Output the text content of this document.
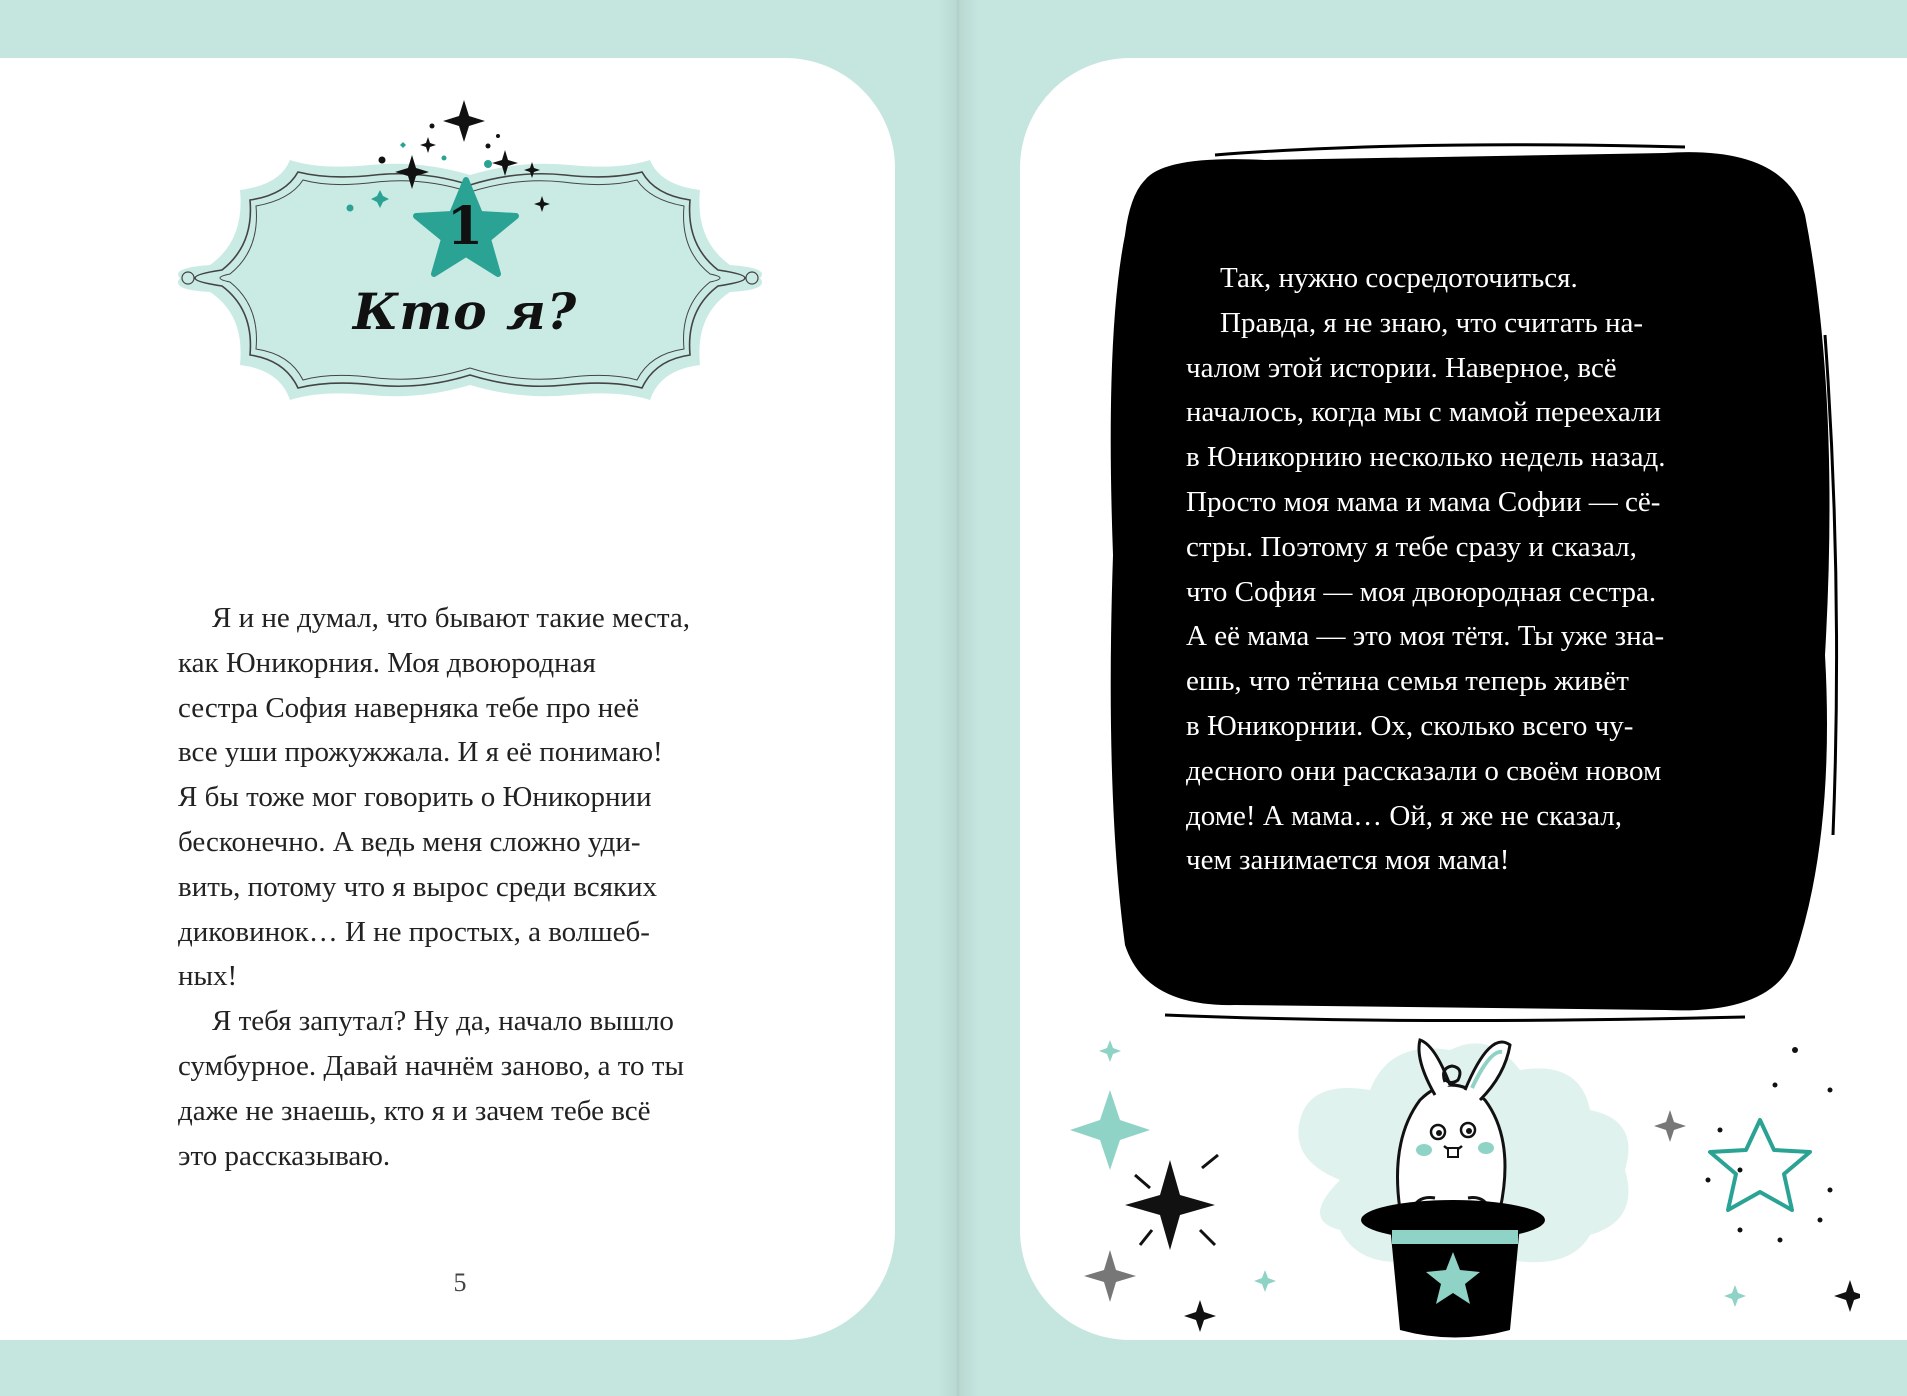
1
Кто я?
Я и не думал, что бывают такие места,
как Юникорния. Моя двоюродная
сестра София наверняка тебе про неё
все уши прожужжала. И я её понимаю!
Я бы тоже мог говорить о Юникорнии
бесконечно. А ведь меня сложно уди-
вить, потому что я вырос среди всяких
диковинок… И не простых, а волшеб-
ных!
Я тебя запутал? Ну да, начало вышло
сумбурное. Давай начнём заново, а то ты
даже не знаешь, кто я и зачем тебе всё
это рассказываю.
5
Так, нужно сосредоточиться.
Правда, я не знаю, что считать на-
чалом этой истории. Наверное, всё
началось, когда мы с мамой переехали
в Юникорнию несколько недель назад.
Просто моя мама и мама Софии — сё-
стры. Поэтому я тебе сразу и сказал,
что София — моя двоюродная сестра.
А её мама — это моя тётя. Ты уже зна-
ешь, что тётина семья теперь живёт
в Юникорнии. Ох, сколько всего чу-
десного они рассказали о своём новом
доме! А мама… Ой, я же не сказал,
чем занимается моя мама!
